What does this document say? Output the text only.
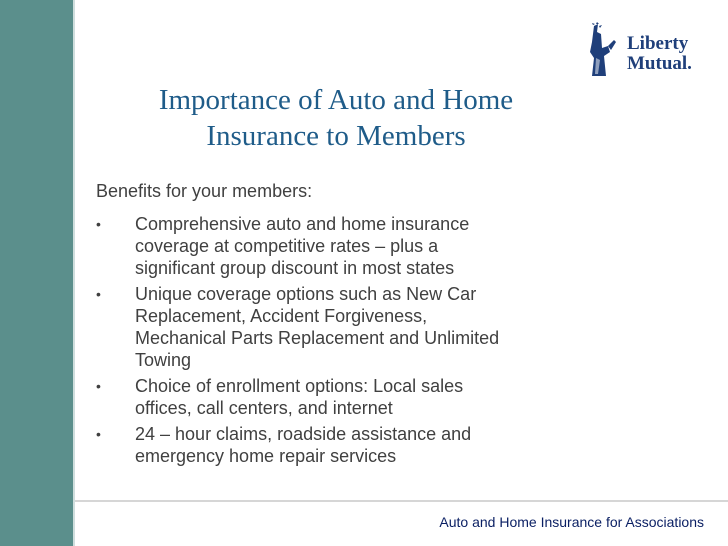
Liberty
Mutual.
Importance of Auto and Home
Insurance to Members
Benefits for your members:
• Comprehensive auto and home insurance
coverage at competitive rates – plus a
significant group discount in most states
• Unique coverage options such as New Car
Replacement, Accident Forgiveness,
Mechanical Parts Replacement and Unlimited
Towing
• Choice of enrollment options: Local sales
offices, call centers, and internet
• 24 – hour claims, roadside assistance and
emergency home repair services
Auto and Home Insurance for Associations
